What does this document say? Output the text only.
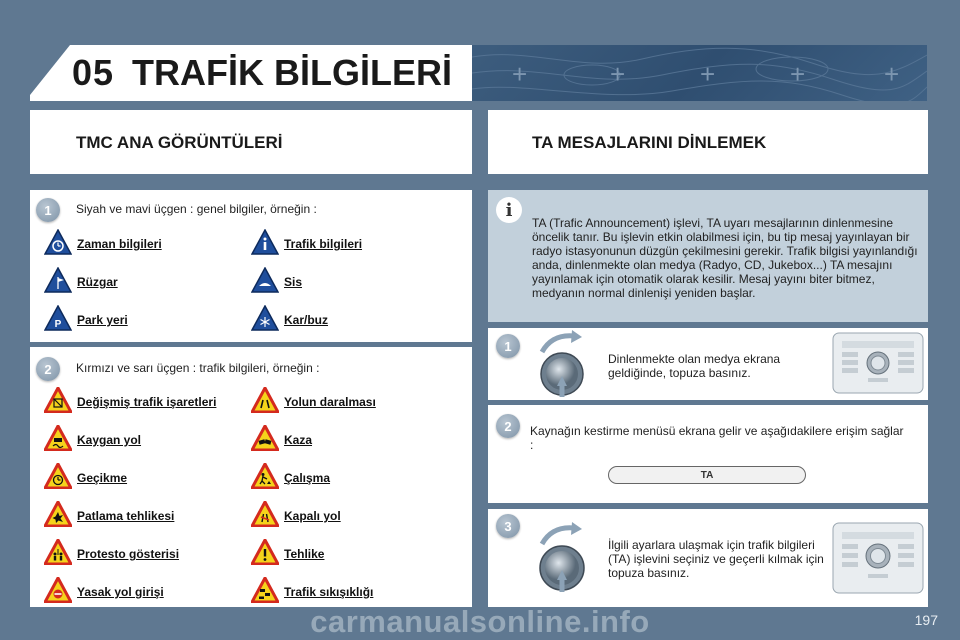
05 TRAFİK BİLGİLERİ +	+	+	+	+
TMC ANA GÖRÜNTÜLERİ	TA MESAJLARINI DİNLEMEK
1	Siyah ve mavi üçgen : genel bilgiler, örneğin :
Zaman bilgileri	Trafik bilgileri
Rüzgar	Sis
P Park yeri	Kar/buz
2	Kırmızı ve sarı üçgen : trafik bilgileri, örneğin :
Değişmiş trafik işaretleri	Yolun daralması
Kaygan yol	Kaza
Geçikme	Çalışma
Patlama tehlikesi	Kapalı yol
Protesto gösterisi	Tehlike
Yasak yol girişi	Trafik sıkışıklığı
i
TA (Trafic Announcement) işlevi, TA uyarı mesajlarının dinlenmesine öncelik tanır. Bu işlevin etkin olabilmesi için, bu tip mesaj yayınlayan bir radyo istasyonunun düzgün çekilmesini gerekir. Trafik bilgisi yayınlandığı anda, dinlenmekte olan medya (Radyo, CD, Jukebox...) TA mesajını yayınlamak için otomatik olarak kesilir. Mesaj yayını biter bitmez, medyanın normal dinlenişi yeniden başlar.
1
Dinlenmekte olan medya ekrana geldiğinde, topuza basınız.
2	Kaynağın kestirme menüsü ekrana gelir ve aşağıdakilere erişim sağlar :
TA
3
İlgili ayarlara ulaşmak için trafik bilgileri (TA) işlevini seçiniz ve geçerli kılmak için topuza basınız.
carmanualsonline.info	197
